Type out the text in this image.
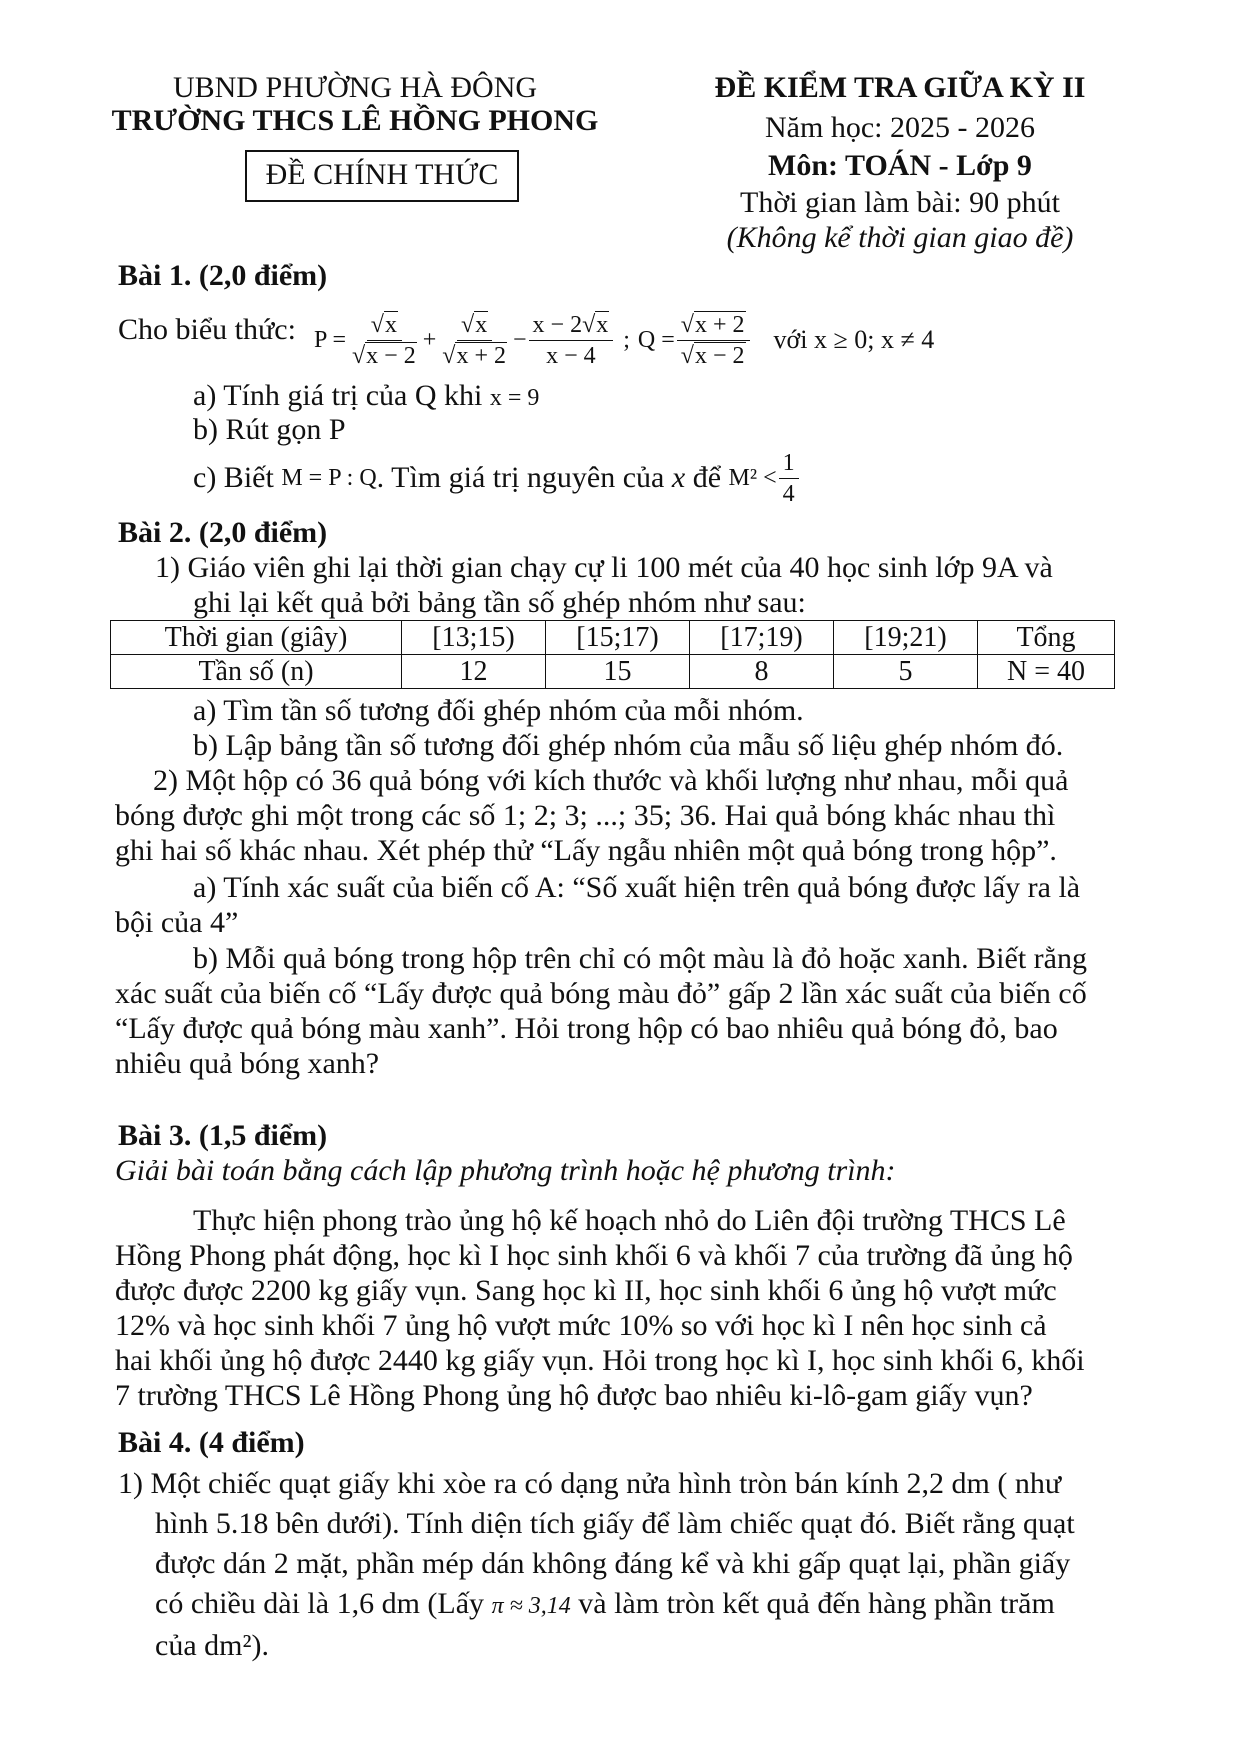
UBND PHƯỜNG HÀ ĐÔNG
TRƯỜNG THCS LÊ HỒNG PHONG
ĐỀ CHÍNH THỨC
ĐỀ KIỂM TRA GIỮA KỲ II
Năm học: 2025 - 2026
Môn: TOÁN - Lớp 9
Thời gian làm bài: 90 phút
(Không kể thời gian giao đề)
Bài 1. (2,0 điểm)
Cho biểu thức: $P = \frac{√x}{√x - 2} + \frac{√x}{√x + 2} - \frac{x - 2√x}{x - 4}$ ; $Q = \frac{√x + 2}{√x - 2}$ với x ≥ 0; x ≠ 4
a) Tính giá trị của Q khi x = 9
b) Rút gọn P
c) Biết
M = P : Q . Tìm giá trị nguyên của
x
để
$M^2 < \frac{1}{4}$
Bài 2. (2,0 điểm)
1) Giáo viên ghi lại thời gian chạy cự li 100 mét của 40 học sinh lớp 9A và
ghi lại kết quả bởi bảng tần số ghép nhóm như sau:
Thời gian (giây)	[13;15)	[15;17)	[17;19)	[19;21)	Tổng
Tần số (n)	12	15	8	5	N = 40
a) Tìm tần số tương đối ghép nhóm của mỗi nhóm.
b) Lập bảng tần số tương đối ghép nhóm của mẫu số liệu ghép nhóm đó.
2) Một hộp có 36 quả bóng với kích thước và khối lượng như nhau, mỗi quả
bóng được ghi một trong các số 1; 2; 3; ...; 35; 36. Hai quả bóng khác nhau thì
ghi hai số khác nhau. Xét phép thử “Lấy ngẫu nhiên một quả bóng trong hộp”.
a) Tính xác suất của biến cố A: “Số xuất hiện trên quả bóng được lấy ra là
bội của 4”
b) Mỗi quả bóng trong hộp trên chỉ có một màu là đỏ hoặc xanh. Biết rằng
xác suất của biến cố “Lấy được quả bóng màu đỏ” gấp 2 lần xác suất của biến cố
“Lấy được quả bóng màu xanh”. Hỏi trong hộp có bao nhiêu quả bóng đỏ, bao
nhiêu quả bóng xanh?
Bài 3. (1,5 điểm)
Giải bài toán bằng cách lập phương trình hoặc hệ phương trình:
Thực hiện phong trào ủng hộ kế hoạch nhỏ do Liên đội trường THCS Lê
Hồng Phong phát động, học kì I học sinh khối 6 và khối 7 của trường đã ủng hộ
được được 2200 kg giấy vụn. Sang học kì II, học sinh khối 6 ủng hộ vượt mức
12% và học sinh khối 7 ủng hộ vượt mức 10% so với học kì I nên học sinh cả
hai khối ủng hộ được 2440 kg giấy vụn. Hỏi trong học kì I, học sinh khối 6, khối
7 trường THCS Lê Hồng Phong ủng hộ được bao nhiêu ki-lô-gam giấy vụn?
Bài 4. (4 điểm)
1) Một chiếc quạt giấy khi xòe ra có dạng nửa hình tròn bán kính 2,2 dm ( như
hình 5.18 bên dưới). Tính diện tích giấy để làm chiếc quạt đó. Biết rằng quạt
được dán 2 mặt, phần mép dán không đáng kể và khi gấp quạt lại, phần giấy
có chiều dài là 1,6 dm (Lấy π ≈ 3,14 và làm tròn kết quả đến hàng phần trăm
của dm²).
